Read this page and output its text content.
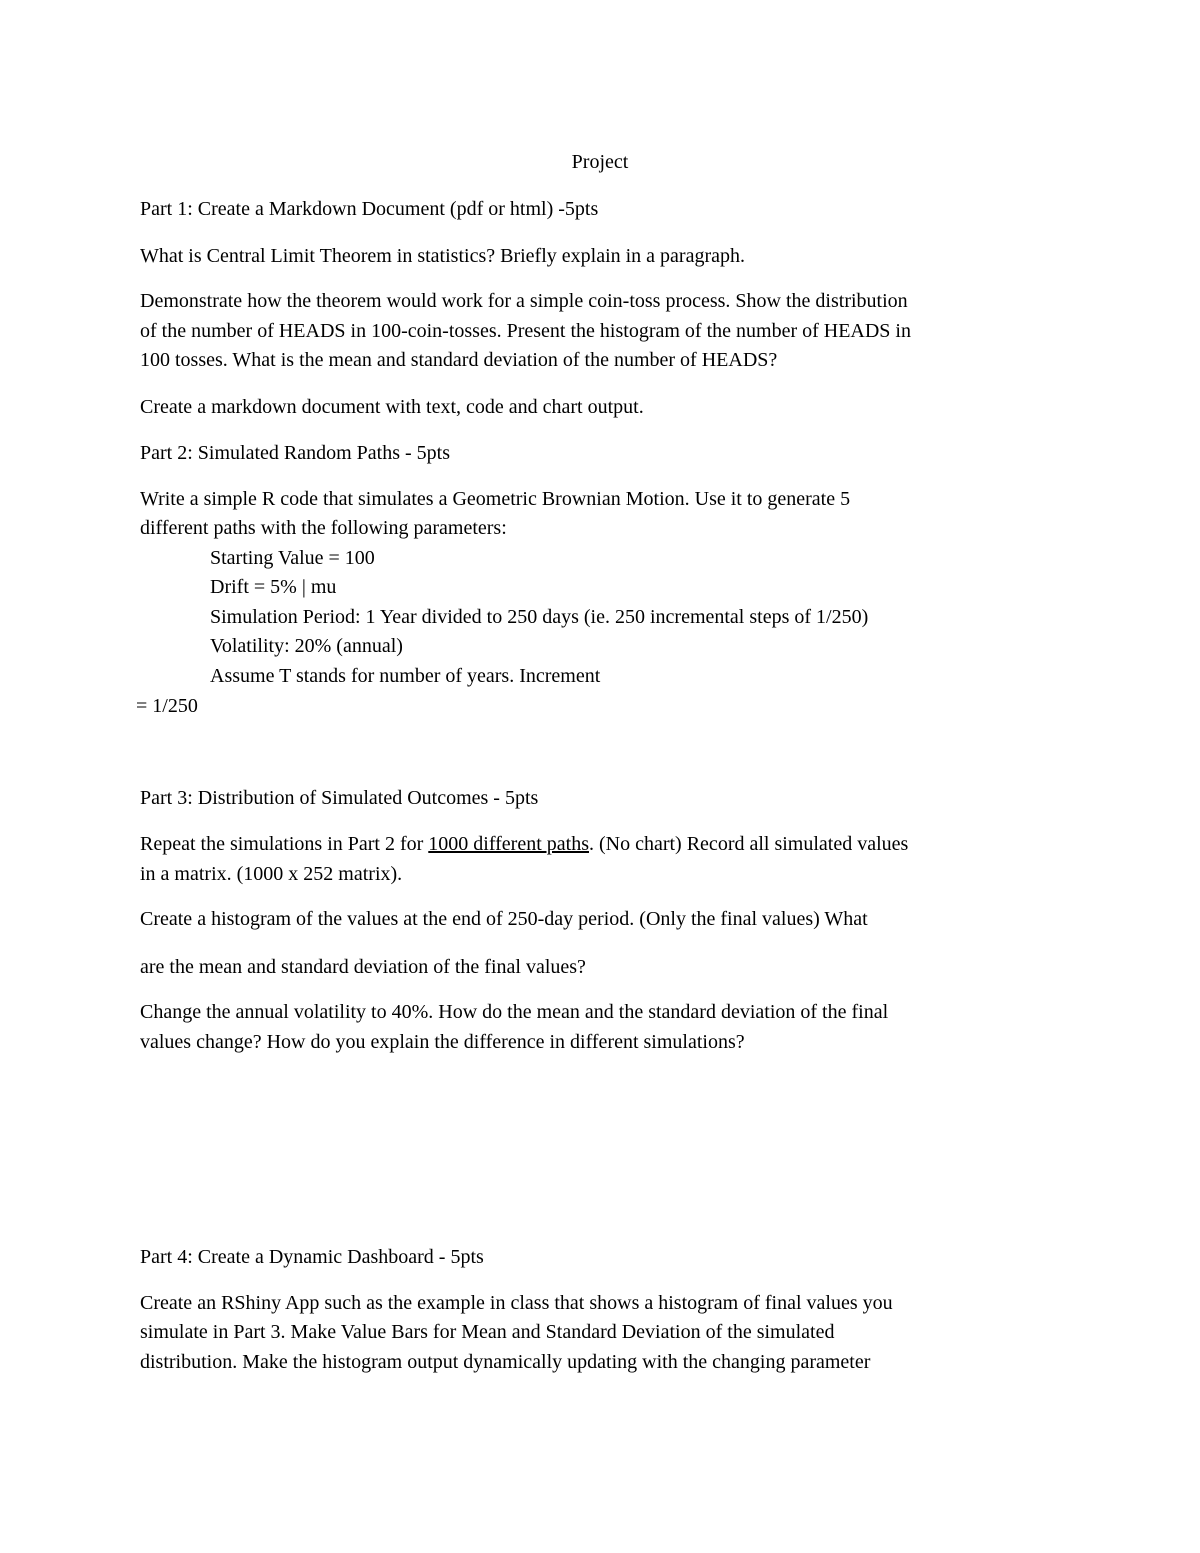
Project
Part 1: Create a Markdown Document (pdf or html) -5pts
What is Central Limit Theorem in statistics? Briefly explain in a paragraph.
Demonstrate how the theorem would work for a simple coin-toss process. Show the distribution
of the number of HEADS in 100-coin-tosses. Present the histogram of the number of HEADS in
100 tosses. What is the mean and standard deviation of the number of HEADS?
Create a markdown document with text, code and chart output.
Part 2: Simulated Random Paths - 5pts
Write a simple R code that simulates a Geometric Brownian Motion. Use it to generate 5
different paths with the following parameters:
Starting Value = 100
Drift = 5% | mu
Simulation Period: 1 Year divided to 250 days (ie. 250 incremental steps of 1/250)
Volatility: 20% (annual)
Assume T stands for number of years. Increment
= 1/250
Part 3: Distribution of Simulated Outcomes - 5pts
Repeat the simulations in Part 2 for 1000 different paths. (No chart) Record all simulated values
in a matrix. (1000 x 252 matrix).
Create a histogram of the values at the end of 250-day period. (Only the final values) What
are the mean and standard deviation of the final values?
Change the annual volatility to 40%. How do the mean and the standard deviation of the final
values change? How do you explain the difference in different simulations?
Part 4: Create a Dynamic Dashboard - 5pts
Create an RShiny App such as the example in class that shows a histogram of final values you
simulate in Part 3. Make Value Bars for Mean and Standard Deviation of the simulated
distribution. Make the histogram output dynamically updating with the changing parameter
